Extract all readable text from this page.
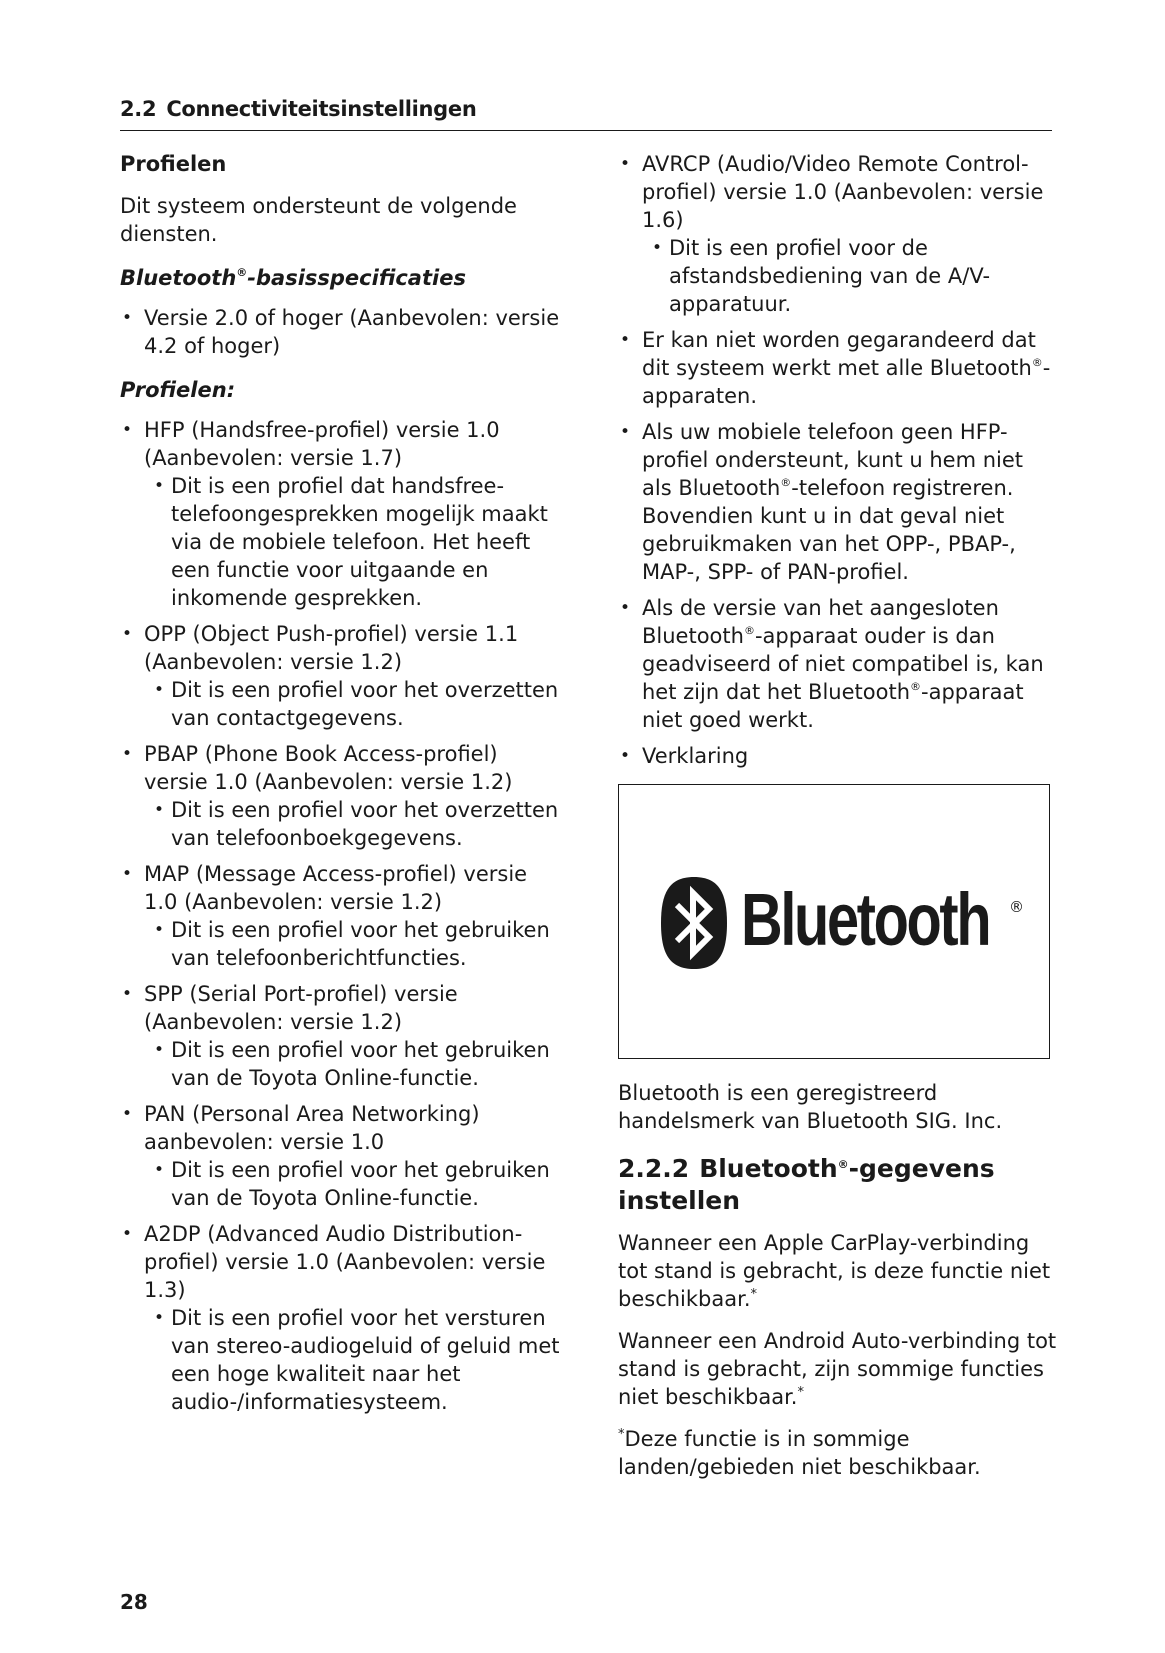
2.2 Connectiviteitsinstellingen

Profielen

Dit systeem ondersteunt de volgende diensten.

Bluetooth®-basisspecificaties

• Versie 2.0 of hoger (Aanbevolen: versie 4.2 of hoger)

Profielen:

• HFP (Handsfree-profiel) versie 1.0 (Aanbevolen: versie 1.7)
• Dit is een profiel dat handsfree-telefoongesprekken mogelijk maakt via de mobiele telefoon. Het heeft een functie voor uitgaande en inkomende gesprekken.
• OPP (Object Push-profiel) versie 1.1 (Aanbevolen: versie 1.2)
• Dit is een profiel voor het overzetten van contactgegevens.
• PBAP (Phone Book Access-profiel) versie 1.0 (Aanbevolen: versie 1.2)
• Dit is een profiel voor het overzetten van telefoonboekgegevens.
• MAP (Message Access-profiel) versie 1.0 (Aanbevolen: versie 1.2)
• Dit is een profiel voor het gebruiken van telefoonberichtfuncties.
• SPP (Serial Port-profiel) versie (Aanbevolen: versie 1.2)
• Dit is een profiel voor het gebruiken van de Toyota Online-functie.
• PAN (Personal Area Networking) aanbevolen: versie 1.0
• Dit is een profiel voor het gebruiken van de Toyota Online-functie.
• A2DP (Advanced Audio Distribution-profiel) versie 1.0 (Aanbevolen: versie 1.3)
• Dit is een profiel voor het versturen van stereo-audiogeluid of geluid met een hoge kwaliteit naar het audio-/informatiesysteem.
• AVRCP (Audio/Video Remote Control-profiel) versie 1.0 (Aanbevolen: versie 1.6)
• Dit is een profiel voor de afstandsbediening van de A/V-apparatuur.
• Er kan niet worden gegarandeerd dat dit systeem werkt met alle Bluetooth®-apparaten.
• Als uw mobiele telefoon geen HFP-profiel ondersteunt, kunt u hem niet als Bluetooth®-telefoon registreren. Bovendien kunt u in dat geval niet gebruikmaken van het OPP-, PBAP-, MAP-, SPP- of PAN-profiel.
• Als de versie van het aangesloten Bluetooth®-apparaat ouder is dan geadviseerd of niet compatibel is, kan het zijn dat het Bluetooth®-apparaat niet goed werkt.
• Verklaring
Bluetooth ®

Bluetooth is een geregistreerd handelsmerk van Bluetooth SIG. Inc.

2.2.2 Bluetooth®-gegevens instellen

Wanneer een Apple CarPlay-verbinding tot stand is gebracht, is deze functie niet beschikbaar.*

Wanneer een Android Auto-verbinding tot stand is gebracht, zijn sommige functies niet beschikbaar.*

*Deze functie is in sommige landen/gebieden niet beschikbaar.

28
